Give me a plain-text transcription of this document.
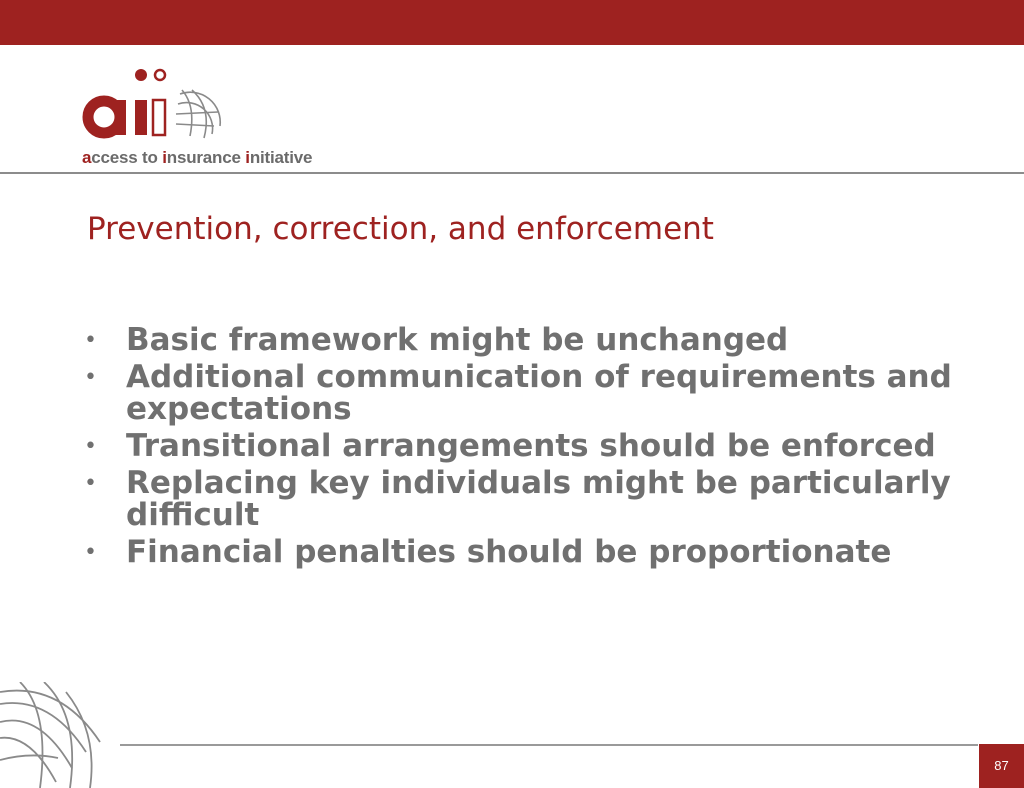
access to insurance initiative
Prevention, correction, and enforcement
• Basic framework might be unchanged
• Additional communication of requirements and expectations
• Transitional arrangements should be enforced
• Replacing key individuals might be particularly difficult
• Financial penalties should be proportionate
87
